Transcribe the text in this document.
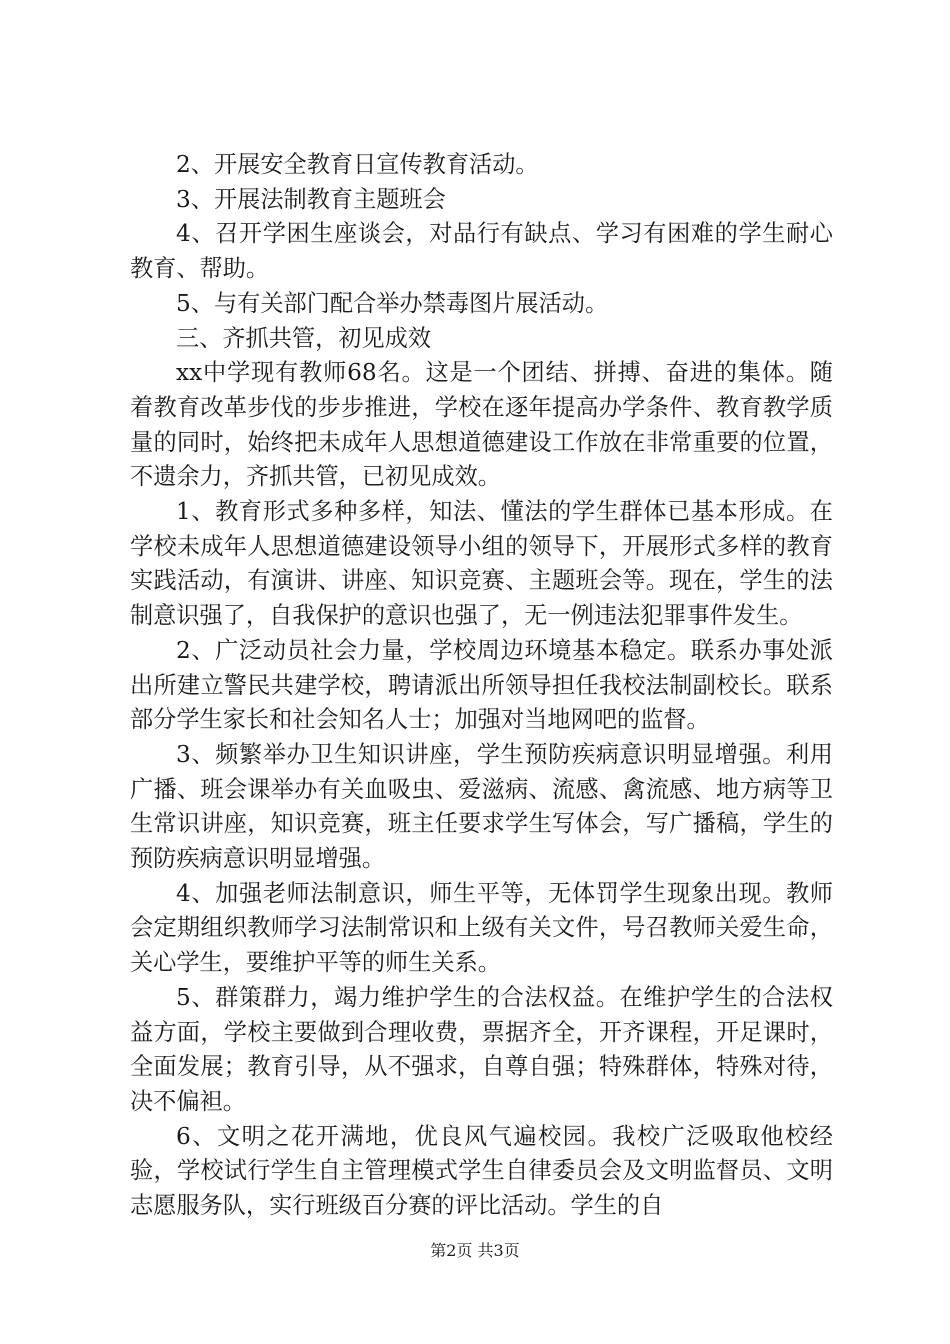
2、开展安全教育日宣传教育活动。

3、开展法制教育主题班会

4、召开学困生座谈会，对品行有缺点、学习有困难的学生耐心教育、帮助。

5、与有关部门配合举办禁毒图片展活动。

三、齐抓共管，初见成效

xx中学现有教师68名。这是一个团结、拼搏、奋进的集体。随着教育改革步伐的步步推进，学校在逐年提高办学条件、教育教学质量的同时，始终把未成年人思想道德建设工作放在非常重要的位置，不遗余力，齐抓共管，已初见成效。

1、教育形式多种多样，知法、懂法的学生群体已基本形成。在学校未成年人思想道德建设领导小组的领导下，开展形式多样的教育实践活动，有演讲、讲座、知识竞赛、主题班会等。现在，学生的法制意识强了，自我保护的意识也强了，无一例违法犯罪事件发生。

2、广泛动员社会力量，学校周边环境基本稳定。联系办事处派出所建立警民共建学校，聘请派出所领导担任我校法制副校长。联系部分学生家长和社会知名人士；加强对当地网吧的监督。

3、频繁举办卫生知识讲座，学生预防疾病意识明显增强。利用广播、班会课举办有关血吸虫、爱滋病、流感、禽流感、地方病等卫生常识讲座，知识竞赛，班主任要求学生写体会，写广播稿，学生的预防疾病意识明显增强。

4、加强老师法制意识，师生平等，无体罚学生现象出现。教师会定期组织教师学习法制常识和上级有关文件，号召教师关爱生命，关心学生，要维护平等的师生关系。

5、群策群力，竭力维护学生的合法权益。在维护学生的合法权益方面，学校主要做到合理收费，票据齐全，开齐课程，开足课时，全面发展；教育引导，从不强求，自尊自强；特殊群体，特殊对待，决不偏袒。

6、文明之花开满地，优良风气遍校园。我校广泛吸取他校经验，学校试行学生自主管理模式学生自律委员会及文明监督员、文明志愿服务队，实行班级百分赛的评比活动。学生的自

第2页 共3页
